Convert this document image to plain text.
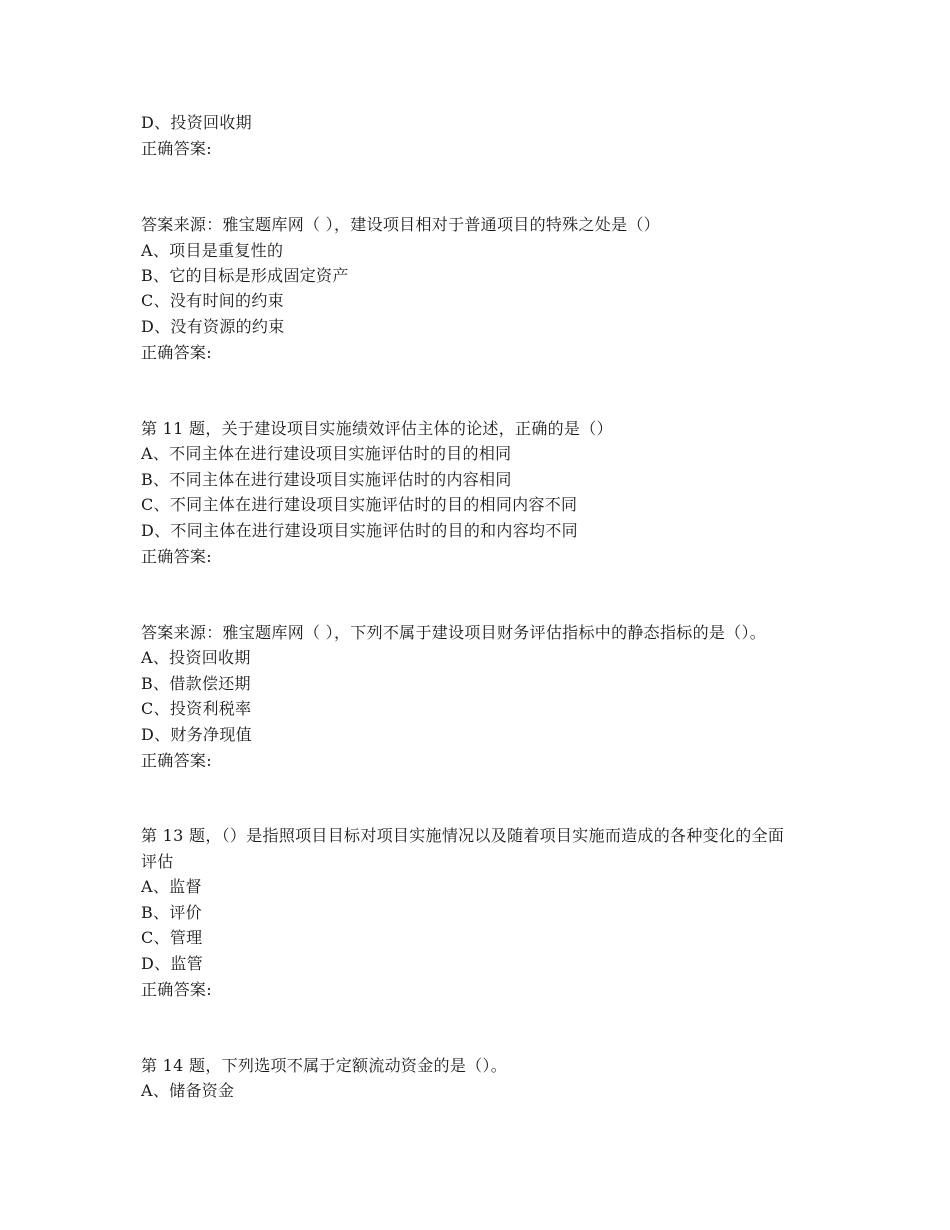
D、投资回收期
正确答案:
答案来源：雅宝题库网（ ），建设项目相对于普通项目的特殊之处是（）
A、项目是重复性的
B、它的目标是形成固定资产
C、没有时间的约束
D、没有资源的约束
正确答案:
第 11 题，关于建设项目实施绩效评估主体的论述，正确的是（）
A、不同主体在进行建设项目实施评估时的目的相同
B、不同主体在进行建设项目实施评估时的内容相同
C、不同主体在进行建设项目实施评估时的目的相同内容不同
D、不同主体在进行建设项目实施评估时的目的和内容均不同
正确答案:
答案来源：雅宝题库网（ ），下列不属于建设项目财务评估指标中的静态指标的是（）。
A、投资回收期
B、借款偿还期
C、投资利税率
D、财务净现值
正确答案:
第 13 题，（）是指照项目目标对项目实施情况以及随着项目实施而造成的各种变化的全面
评估
A、监督
B、评价
C、管理
D、监管
正确答案:
第 14 题，下列选项不属于定额流动资金的是（）。
A、储备资金
